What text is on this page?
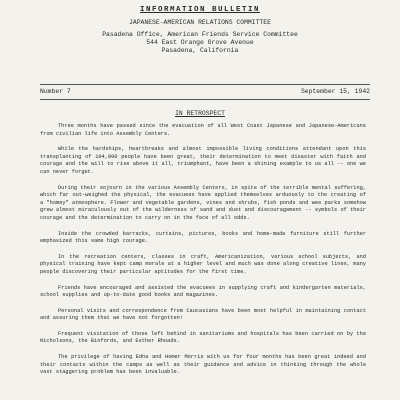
INFORMATION BULLETIN
JAPANESE-AMERICAN RELATIONS COMMITTEE
Pasadena Office, American Friends Service Committee
544 East Orange Grove Avenue
Pasadena, California
Number 7	September 15, 1942
IN RETROSPECT

Three months have passed since the evacuation of all West Coast Japanese and Japanese-Americans from civilian life into Assembly Centers.

While the hardships, heartbreaks and almost impossible living conditions attendant upon this transplanting of 104,000 people have been great, their determination to meet disaster with faith and courage and the will to rise above it all, triumphant, have been a shining example to us all -- one we can never forget.

During their sojourn in the various Assembly Centers, in spite of the terrible mental suffering, which far out-weighed the physical, the evacuees have applied themselves arduously to the creating of a "homey" atmosphere. Flower and vegetable gardens, vines and shrubs, fish ponds and wee parks somehow grew almost miraculously out of the wilderness of sand and dust and discouragement -- symbols of their courage and the determination to carry on in the face of all odds.

Inside the crowded barracks, curtains, pictures, books and home-made furniture still further emphasized this same high courage.

In the recreation centers, classes in craft, Americanization, various school subjects, and physical training have kept camp morale at a higher level and much was done along creative lines, many people discovering their particular aptitudes for the first time.

Friends have encouraged and assisted the evacuees in supplying craft and kindergarten materials, school supplies and up-to-date good books and magazines.

Personal visits and correspondence from Caucasians have been most helpful in maintaining contact and assuring them that we have not forgotten!

Frequent visitation of those left behind in sanitariums and hospitals has been carried on by the Nicholsons, the Binfords, and Esther Rhoads.

The privilege of having Edna and Homer Morris with us for four months has been great indeed and their contacts within the camps as well as their guidance and advice in thinking through the whole vast staggering problem has been invaluable.
